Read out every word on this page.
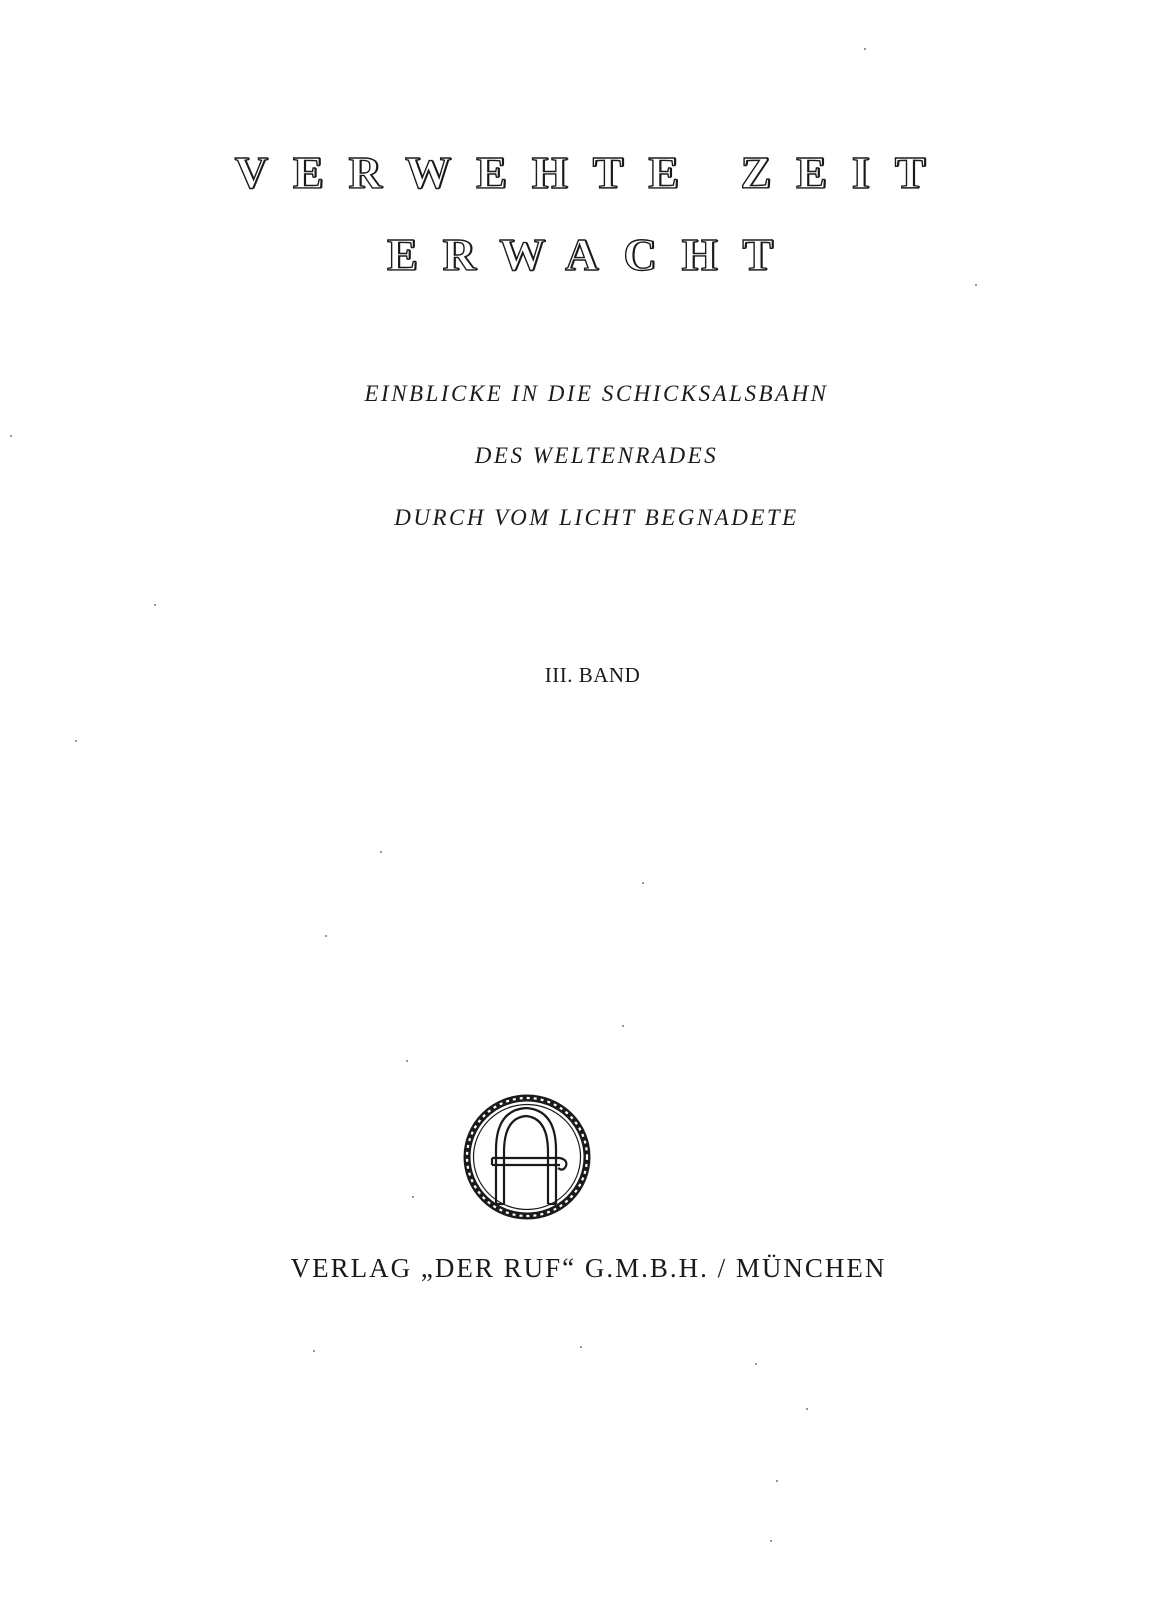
VERWEHTE ZEIT
ERWACHT
EINBLICKE IN DIE SCHICKSALSBAHN
DES WELTENRADES
DURCH VOM LICHT BEGNADETE
III. BAND
A
VERLAG „DER RUF“ G.M.B.H. / MÜNCHEN
